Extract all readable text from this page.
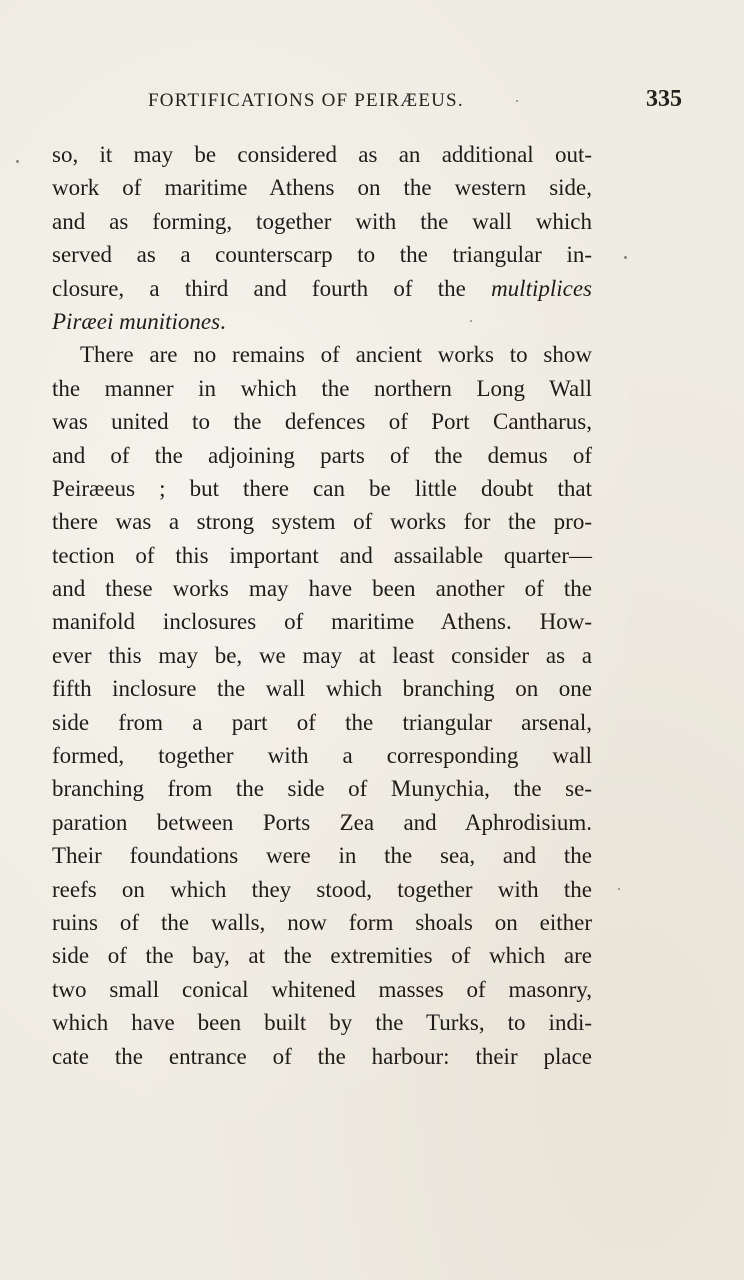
FORTIFICATIONS OF PEIRÆEUS.	335
so, it may be considered as an additional out-
work of maritime Athens on the western side,
and as forming, together with the wall which
served as a counterscarp to the triangular in-
closure, a third and fourth of the multiplices
Piræei munitiones.
There are no remains of ancient works to show
the manner in which the northern Long Wall
was united to the defences of Port Cantharus,
and of the adjoining parts of the demus of
Peiræeus ; but there can be little doubt that
there was a strong system of works for the pro-
tection of this important and assailable quarter—
and these works may have been another of the
manifold inclosures of maritime Athens. How-
ever this may be, we may at least consider as a
fifth inclosure the wall which branching on one
side from a part of the triangular arsenal,
formed, together with a corresponding wall
branching from the side of Munychia, the se-
paration between Ports Zea and Aphrodisium.
Their foundations were in the sea, and the
reefs on which they stood, together with the
ruins of the walls, now form shoals on either
side of the bay, at the extremities of which are
two small conical whitened masses of masonry,
which have been built by the Turks, to indi-
cate the entrance of the harbour: their place
